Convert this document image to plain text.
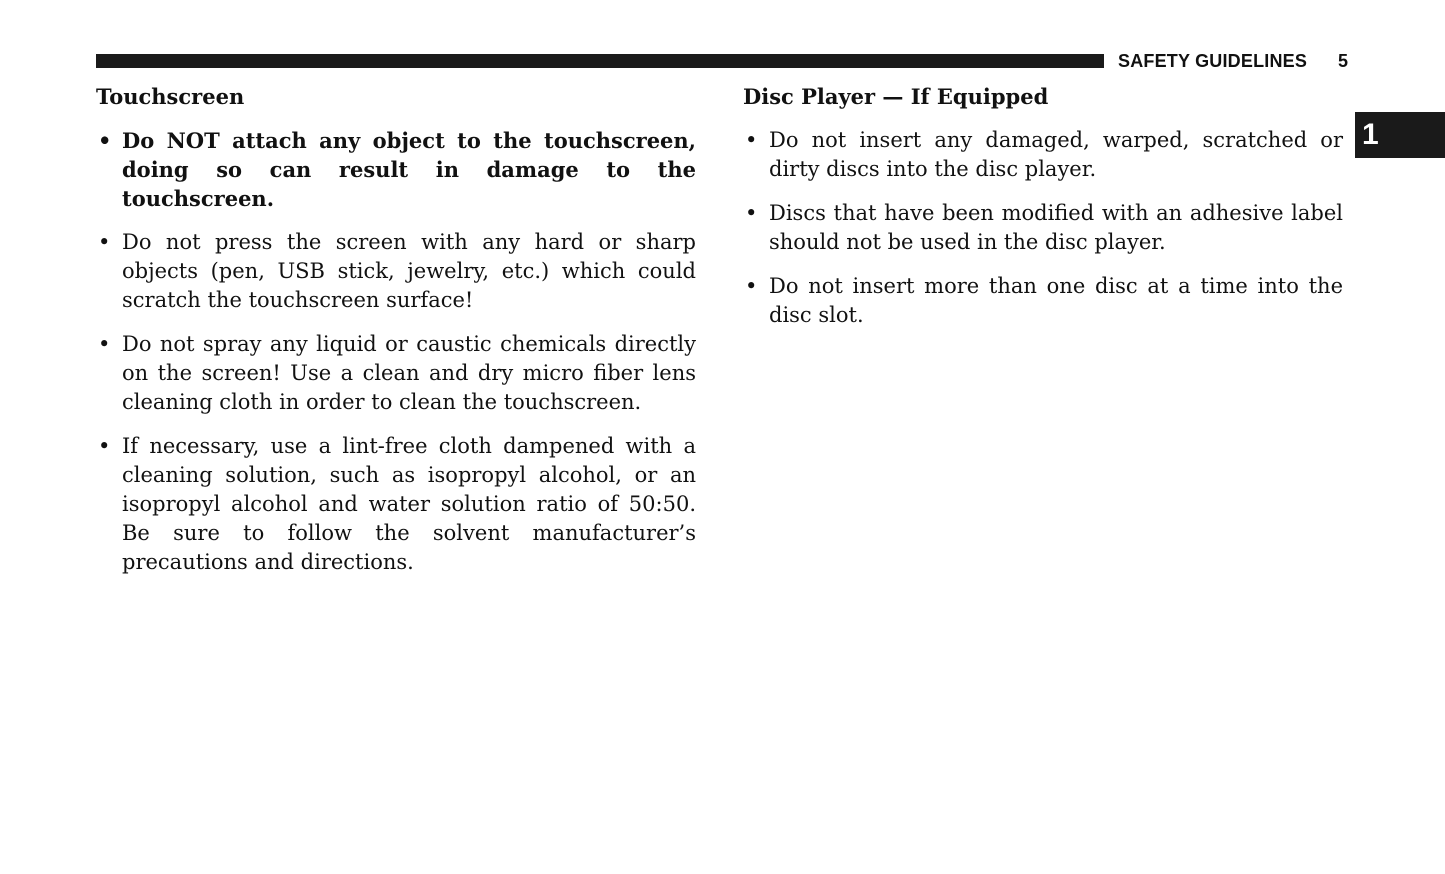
SAFETY GUIDELINES 5
1
Touchscreen
• Do NOT attach any object to the touchscreen, doing so can result in damage to the touchscreen.
• Do not press the screen with any hard or sharp objects (pen, USB stick, jewelry, etc.) which could scratch the touchscreen surface!
• Do not spray any liquid or caustic chemicals directly on the screen! Use a clean and dry micro fiber lens cleaning cloth in order to clean the touchscreen.
• If necessary, use a lint-free cloth dampened with a cleaning solution, such as isopropyl alcohol, or an isopropyl alcohol and water solution ratio of 50:50. Be sure to follow the solvent manufacturer’s precautions and directions.
Disc Player — If Equipped
• Do not insert any damaged, warped, scratched or dirty discs into the disc player.
• Discs that have been modified with an adhesive label should not be used in the disc player.
• Do not insert more than one disc at a time into the disc slot.
